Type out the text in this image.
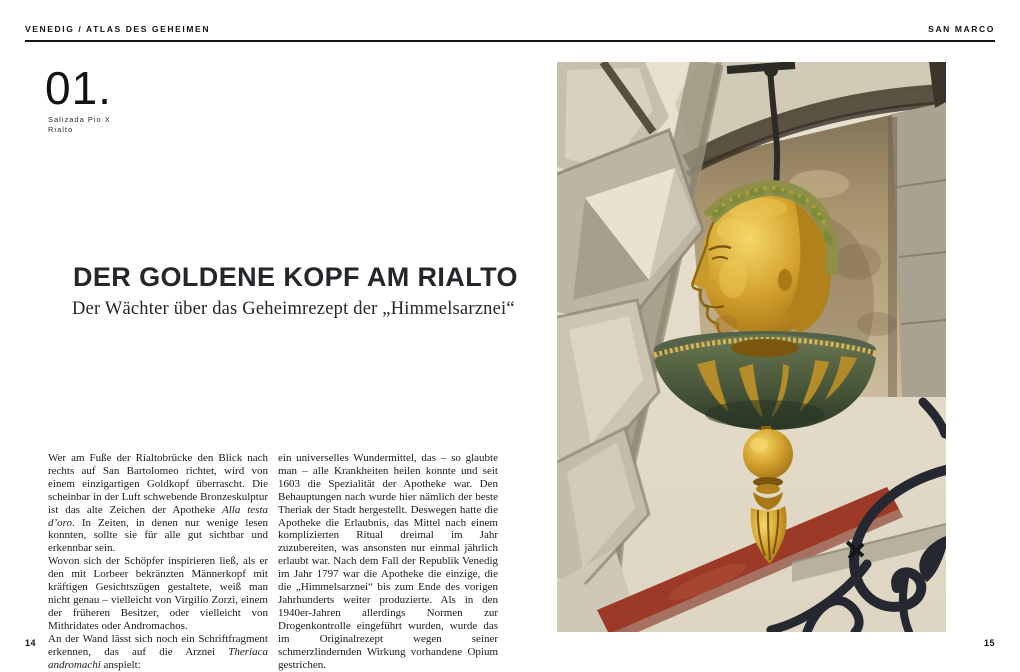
VENEDIG / ATLAS DES GEHEIMEN	SAN MARCO
01.
Salizada Pio X
Rialto
DER GOLDENE KOPF AM RIALTO
Der Wächter über das Geheimrezept der „Himmelsarznei“

Wer am Fuße der Rialtobrücke den Blick nach rechts auf San Bartolomeo richtet, wird von einem einzigartigen Goldkopf überrascht. Die scheinbar in der Luft schwebende Bronzeskulptur ist das alte Zeichen der Apotheke Alla testa d’oro. In Zeiten, in denen nur wenige lesen konnten, sollte sie für alle gut sichtbar und erkennbar sein.

Wovon sich der Schöpfer inspirieren ließ, als er den mit Lorbeer bekränzten Männerkopf mit kräftigen Gesichtszügen gestaltete, weiß man nicht genau – vielleicht von Virgilio Zorzi, einem der früheren Besitzer, oder vielleicht von Mithridates oder Andromachos.

An der Wand lässt sich noch ein Schriftfragment erkennen, das auf die Arznei Theriaca andromachi anspielt:

ein universelles Wundermittel, das – so glaubte man – alle Krankheiten heilen konnte und seit 1603 die Spezialität der Apotheke war. Den Behauptungen nach wurde hier nämlich der beste Theriak der Stadt hergestellt. Deswegen hatte die Apotheke die Erlaubnis, das Mittel nach einem komplizierten Ritual dreimal im Jahr zuzubereiten, was ansonsten nur einmal jährlich erlaubt war. Nach dem Fall der Republik Venedig im Jahr 1797 war die Apotheke die einzige, die die „Himmelsarznei“ bis zum Ende des vorigen Jahrhunderts weiter produzierte. Als in den 1940er-Jahren allerdings Normen zur Drogenkontrolle eingeführt wurden, wurde das im Originalrezept wegen seiner schmerzlindernden Wirkung vorhandene Opium gestrichen.

14	15
